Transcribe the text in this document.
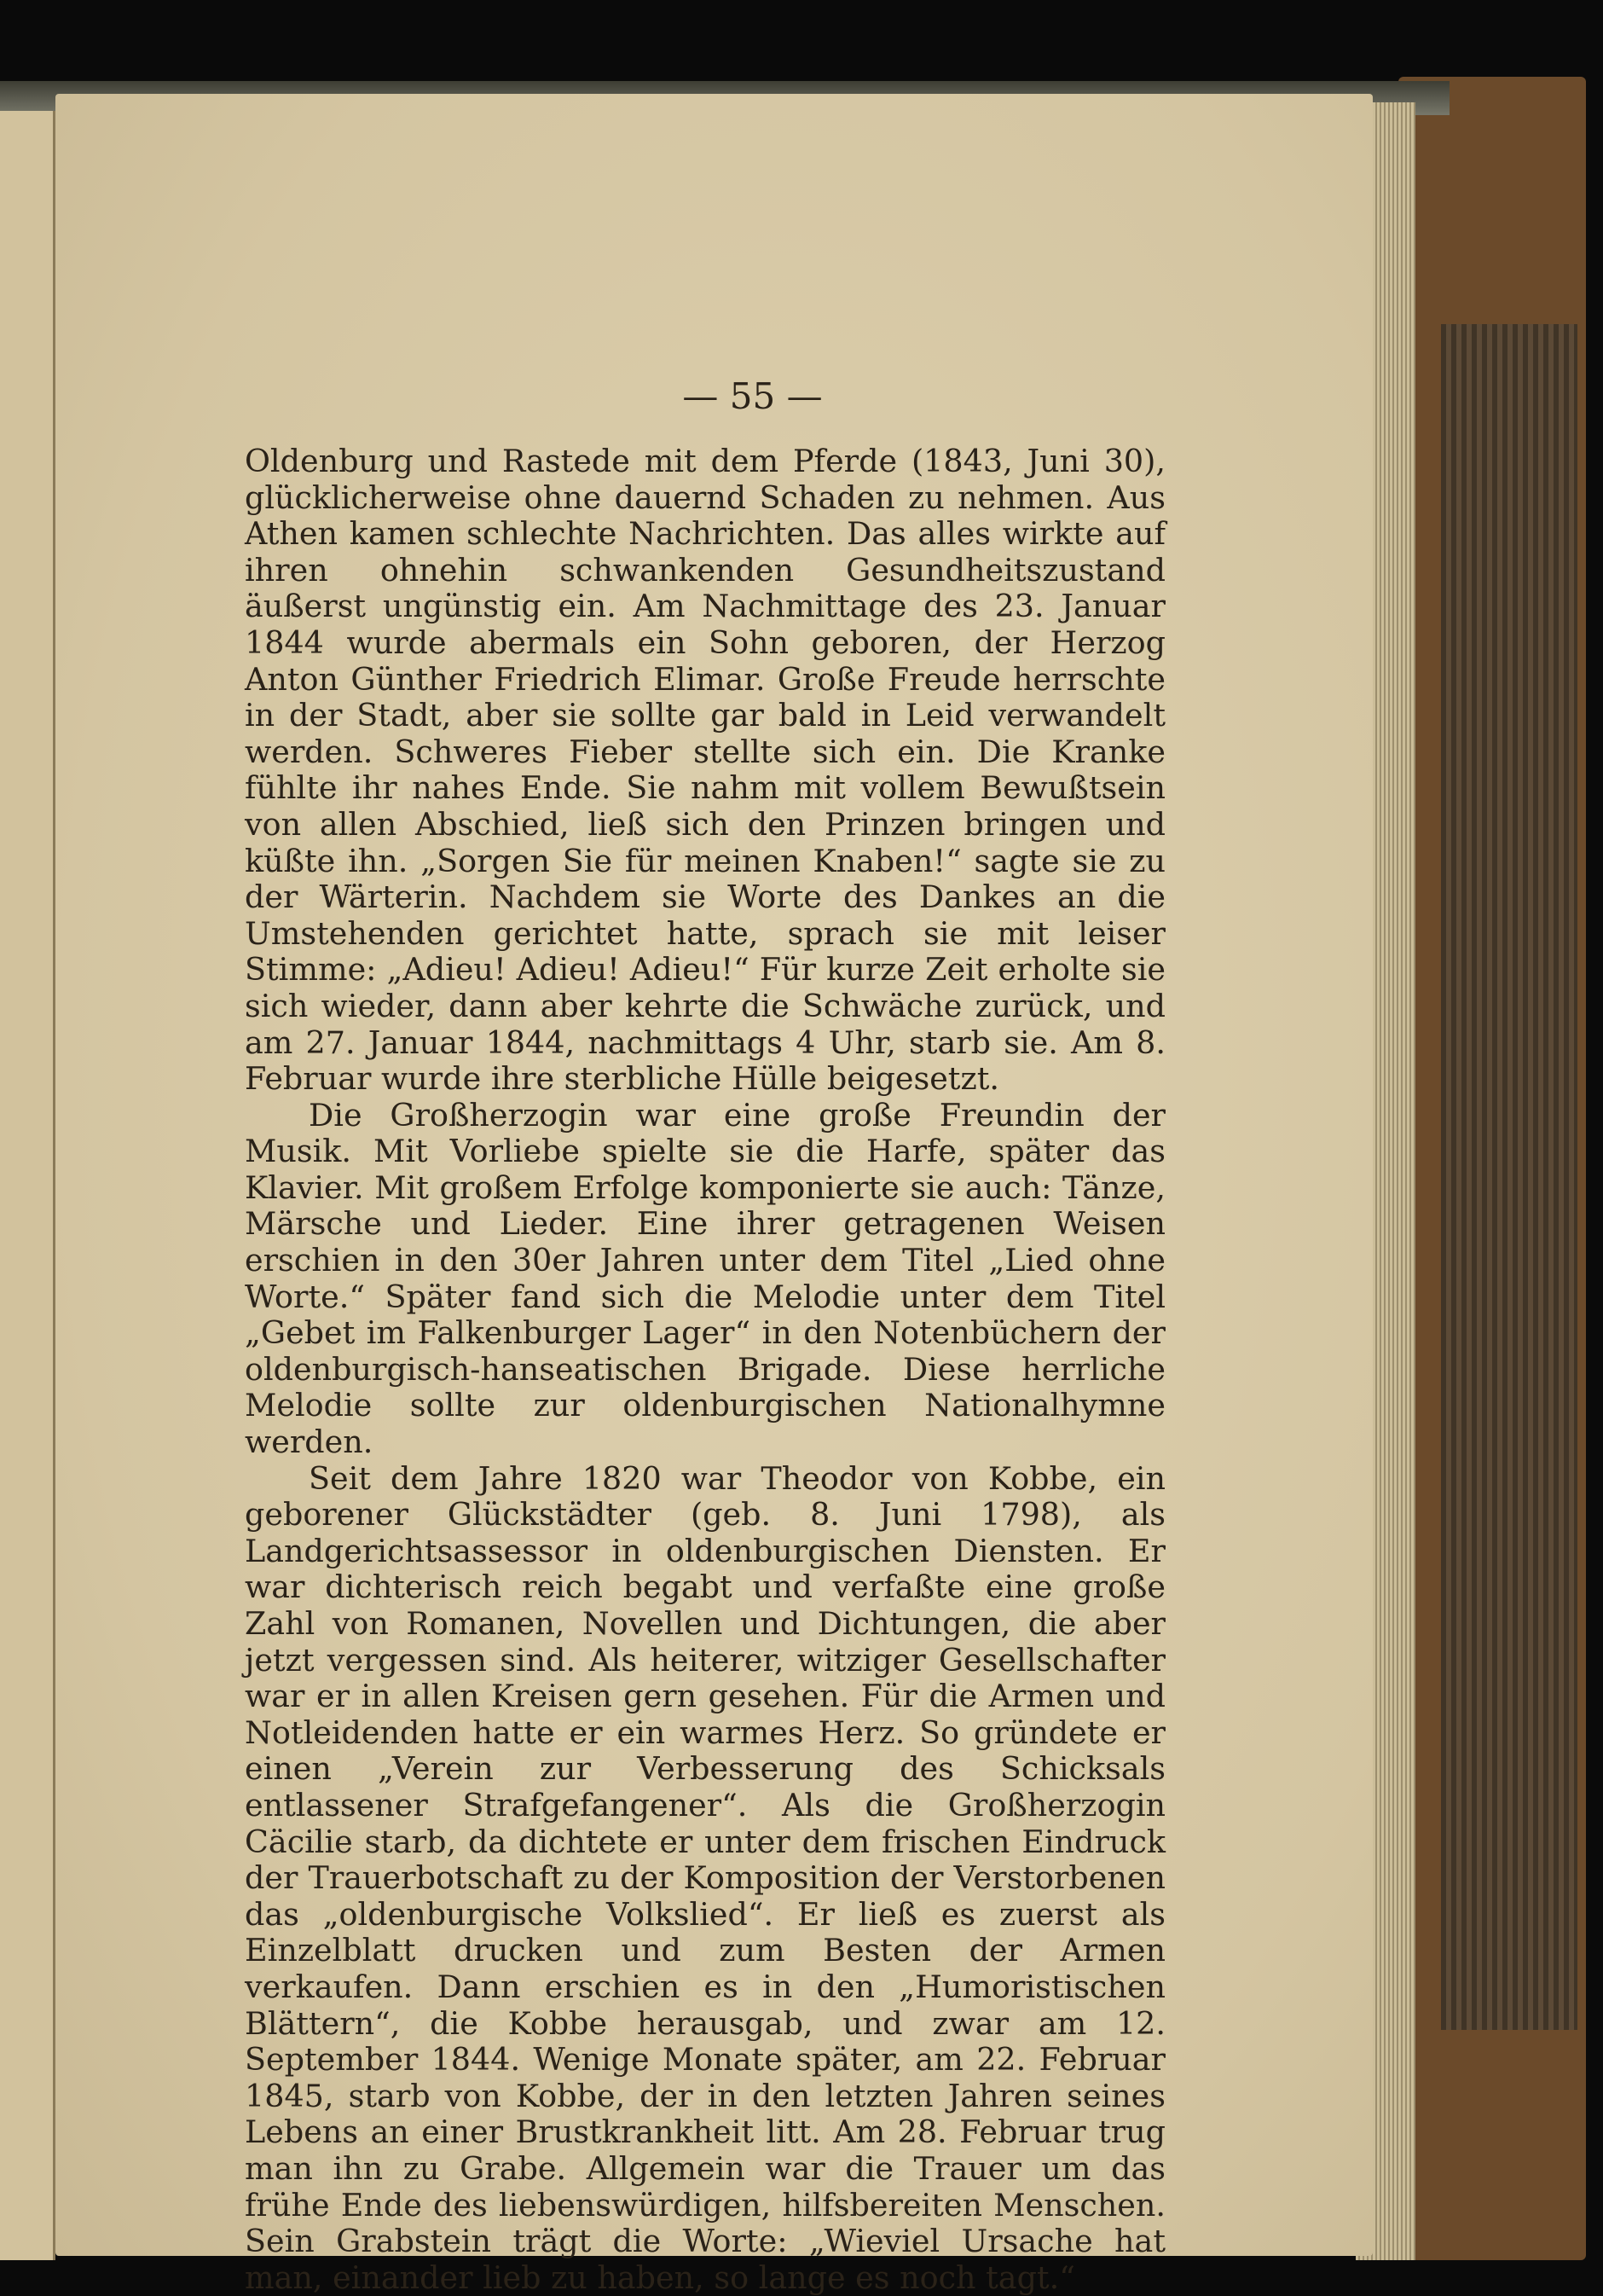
— 55 —

Oldenburg und Rastede mit dem Pferde (1843, Juni 30), glücklicherweise ohne dauernd Schaden zu nehmen. Aus Athen kamen schlechte Nachrichten. Das alles wirkte auf ihren ohnehin schwankenden Gesundheitszustand äußerst ungünstig ein. Am Nachmittage des 23. Januar 1844 wurde abermals ein Sohn geboren, der Herzog Anton Günther Friedrich Elimar. Große Freude herrschte in der Stadt, aber sie sollte gar bald in Leid verwandelt werden. Schweres Fieber stellte sich ein. Die Kranke fühlte ihr nahes Ende. Sie nahm mit vollem Bewußtsein von allen Abschied, ließ sich den Prinzen bringen und küßte ihn. „Sorgen Sie für meinen Knaben!“ sagte sie zu der Wärterin. Nachdem sie Worte des Dankes an die Umstehenden gerichtet hatte, sprach sie mit leiser Stimme: „Adieu! Adieu! Adieu!“ Für kurze Zeit erholte sie sich wieder, dann aber kehrte die Schwäche zurück, und am 27. Januar 1844, nachmittags 4 Uhr, starb sie. Am 8. Februar wurde ihre sterbliche Hülle beigesetzt.

Die Großherzogin war eine große Freundin der Musik. Mit Vorliebe spielte sie die Harfe, später das Klavier. Mit großem Erfolge komponierte sie auch: Tänze, Märsche und Lieder. Eine ihrer getragenen Weisen erschien in den 30er Jahren unter dem Titel „Lied ohne Worte.“ Später fand sich die Melodie unter dem Titel „Gebet im Falkenburger Lager“ in den Notenbüchern der oldenburgisch-hanseatischen Brigade. Diese herrliche Melodie sollte zur oldenburgischen Nationalhymne werden.

Seit dem Jahre 1820 war Theodor von Kobbe, ein geborener Glückstädter (geb. 8. Juni 1798), als Landgerichtsassessor in oldenburgischen Diensten. Er war dichterisch reich begabt und verfaßte eine große Zahl von Romanen, Novellen und Dichtungen, die aber jetzt vergessen sind. Als heiterer, witziger Gesellschafter war er in allen Kreisen gern gesehen. Für die Armen und Notleidenden hatte er ein warmes Herz. So gründete er einen „Verein zur Verbesserung des Schicksals entlassener Strafgefangener“. Als die Großherzogin Cäcilie starb, da dichtete er unter dem frischen Eindruck der Trauerbotschaft zu der Komposition der Verstorbenen das „oldenburgische Volkslied“. Er ließ es zuerst als Einzelblatt drucken und zum Besten der Armen verkaufen. Dann erschien es in den „Humoristischen Blättern“, die Kobbe herausgab, und zwar am 12. September 1844. Wenige Monate später, am 22. Februar 1845, starb von Kobbe, der in den letzten Jahren seines Lebens an einer Brustkrankheit litt. Am 28. Februar trug man ihn zu Grabe. Allgemein war die Trauer um das frühe Ende des liebenswürdigen, hilfsbereiten Menschen. Sein Grabstein trägt die Worte: „Wieviel Ursache hat man, einander lieb zu haben, so lange es noch tagt.“
